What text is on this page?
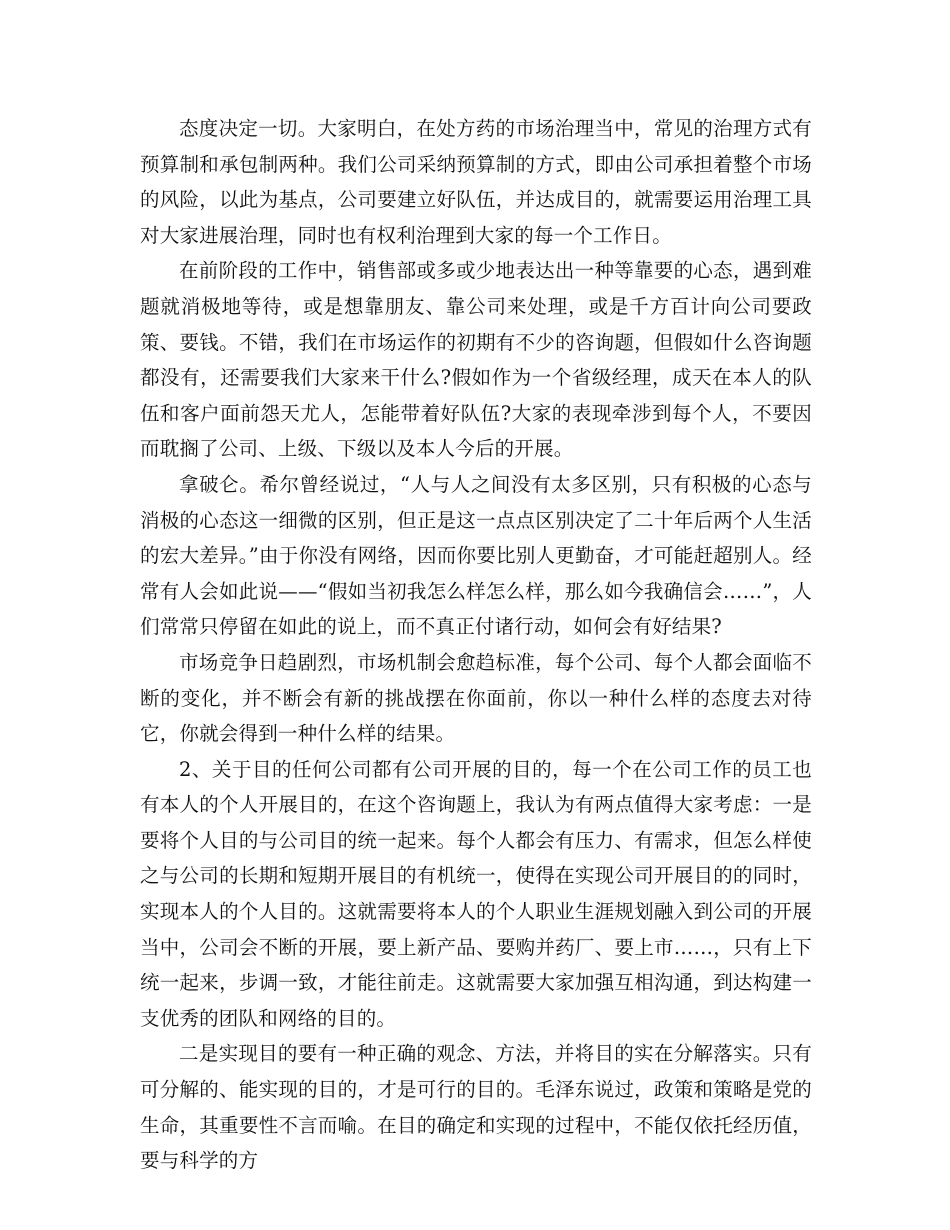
态度决定一切。大家明白，在处方药的市场治理当中，常见的治理方式有预算制和承包制两种。我们公司采纳预算制的方式，即由公司承担着整个市场的风险，以此为基点，公司要建立好队伍，并达成目的，就需要运用治理工具对大家进展治理，同时也有权利治理到大家的每一个工作日。

在前阶段的工作中，销售部或多或少地表达出一种等靠要的心态，遇到难题就消极地等待，或是想靠朋友、靠公司来处理，或是千方百计向公司要政策、要钱。不错，我们在市场运作的初期有不少的咨询题，但假如什么咨询题都没有，还需要我们大家来干什么?假如作为一个省级经理，成天在本人的队伍和客户面前怨天尤人，怎能带着好队伍?大家的表现牵涉到每个人，不要因而耽搁了公司、上级、下级以及本人今后的开展。

拿破仑。希尔曾经说过，“人与人之间没有太多区别，只有积极的心态与消极的心态这一细微的区别，但正是这一点点区别决定了二十年后两个人生活的宏大差异。”由于你没有网络，因而你要比别人更勤奋，才可能赶超别人。经常有人会如此说——“假如当初我怎么样怎么样，那么如今我确信会……”，人们常常只停留在如此的说上，而不真正付诸行动，如何会有好结果?

市场竞争日趋剧烈，市场机制会愈趋标准，每个公司、每个人都会面临不断的变化，并不断会有新的挑战摆在你面前，你以一种什么样的态度去对待它，你就会得到一种什么样的结果。

2、关于目的任何公司都有公司开展的目的，每一个在公司工作的员工也有本人的个人开展目的，在这个咨询题上，我认为有两点值得大家考虑：一是要将个人目的与公司目的统一起来。每个人都会有压力、有需求，但怎么样使之与公司的长期和短期开展目的有机统一，使得在实现公司开展目的的同时，实现本人的个人目的。这就需要将本人的个人职业生涯规划融入到公司的开展当中，公司会不断的开展，要上新产品、要购并药厂、要上市……，只有上下统一起来，步调一致，才能往前走。这就需要大家加强互相沟通，到达构建一支优秀的团队和网络的目的。

二是实现目的要有一种正确的观念、方法，并将目的实在分解落实。只有可分解的、能实现的目的，才是可行的目的。毛泽东说过，政策和策略是党的生命，其重要性不言而喻。在目的确定和实现的过程中，不能仅依托经历值，要与科学的方
